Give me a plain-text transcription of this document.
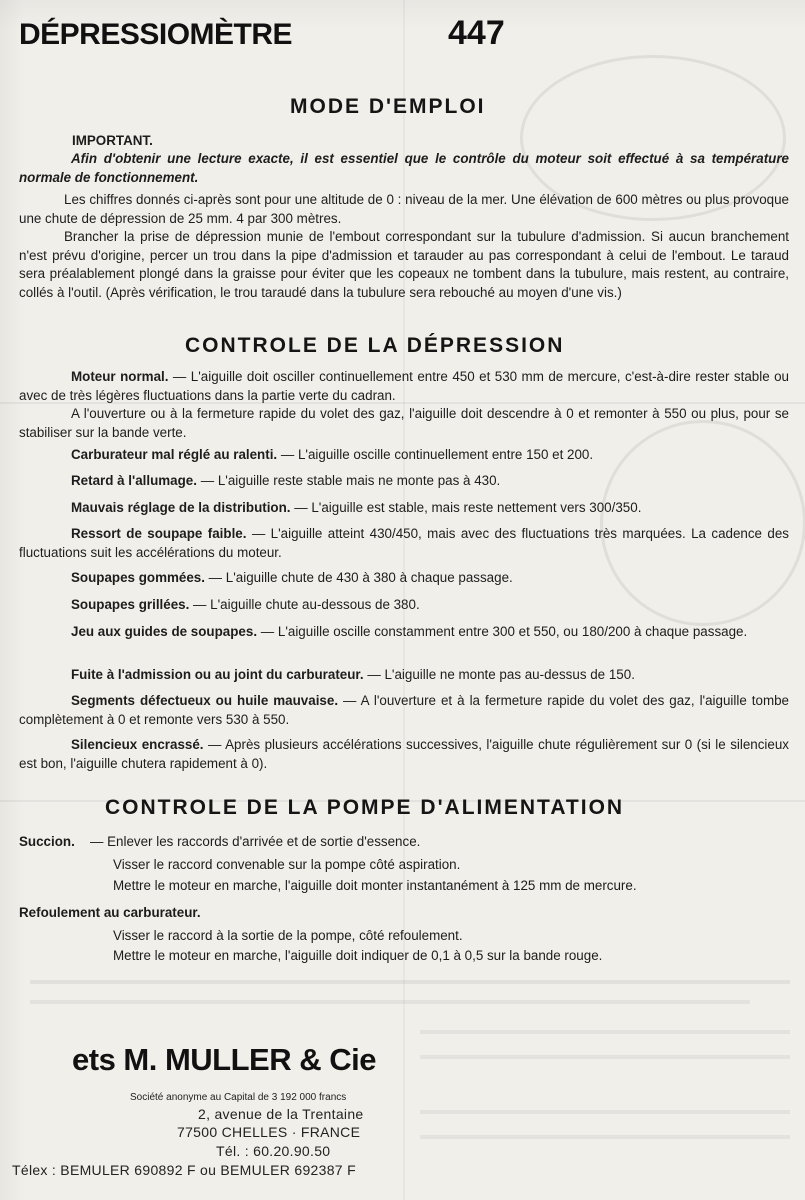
DÉPRESSIOMÈTRE	447
MODE D'EMPLOI
IMPORTANT.
Afin d'obtenir une lecture exacte, il est essentiel que le contrôle du moteur soit effectué à sa température normale de fonctionnement.
Les chiffres donnés ci-après sont pour une altitude de 0 : niveau de la mer. Une élévation de 600 mètres ou plus provoque une chute de dépression de 25 mm. 4 par 300 mètres.
Brancher la prise de dépression munie de l'embout correspondant sur la tubulure d'admission. Si aucun branchement n'est prévu d'origine, percer un trou dans la pipe d'admission et tarauder au pas correspondant à celui de l'embout. Le taraud sera préalablement plongé dans la graisse pour éviter que les copeaux ne tombent dans la tubulure, mais restent, au contraire, collés à l'outil. (Après vérification, le trou taraudé dans la tubulure sera rebouché au moyen d'une vis.)
CONTROLE DE LA DÉPRESSION
Moteur normal. — L'aiguille doit osciller continuellement entre 450 et 530 mm de mercure, c'est-à-dire rester stable ou avec de très légères fluctuations dans la partie verte du cadran.
A l'ouverture ou à la fermeture rapide du volet des gaz, l'aiguille doit descendre à 0 et remonter à 550 ou plus, pour se stabiliser sur la bande verte.
Carburateur mal réglé au ralenti. — L'aiguille oscille continuellement entre 150 et 200.
Retard à l'allumage. — L'aiguille reste stable mais ne monte pas à 430.
Mauvais réglage de la distribution. — L'aiguille est stable, mais reste nettement vers 300/350.
Ressort de soupape faible. — L'aiguille atteint 430/450, mais avec des fluctuations très marquées. La cadence des fluctuations suit les accélérations du moteur.
Soupapes gommées. — L'aiguille chute de 430 à 380 à chaque passage.
Soupapes grillées. — L'aiguille chute au-dessous de 380.
Jeu aux guides de soupapes. — L'aiguille oscille constamment entre 300 et 550, ou 180/200 à chaque passage.
Fuite à l'admission ou au joint du carburateur. — L'aiguille ne monte pas au-dessus de 150.
Segments défectueux ou huile mauvaise. — A l'ouverture et à la fermeture rapide du volet des gaz, l'aiguille tombe complètement à 0 et remonte vers 530 à 550.
Silencieux encrassé. — Après plusieurs accélérations successives, l'aiguille chute régulièrement sur 0 (si le silencieux est bon, l'aiguille chutera rapidement à 0).
CONTROLE DE LA POMPE D'ALIMENTATION
Succion. — Enlever les raccords d'arrivée et de sortie d'essence.
Visser le raccord convenable sur la pompe côté aspiration.
Mettre le moteur en marche, l'aiguille doit monter instantanément à 125 mm de mercure.
Refoulement au carburateur.
Visser le raccord à la sortie de la pompe, côté refoulement.
Mettre le moteur en marche, l'aiguille doit indiquer de 0,1 à 0,5 sur la bande rouge.
ets M. MULLER & Cie
Société anonyme au Capital de 3 192 000 francs
2, avenue de la Trentaine
77500 CHELLES · FRANCE
Tél. : 60.20.90.50
Télex : BEMULER 690892 F ou BEMULER 692387 F
